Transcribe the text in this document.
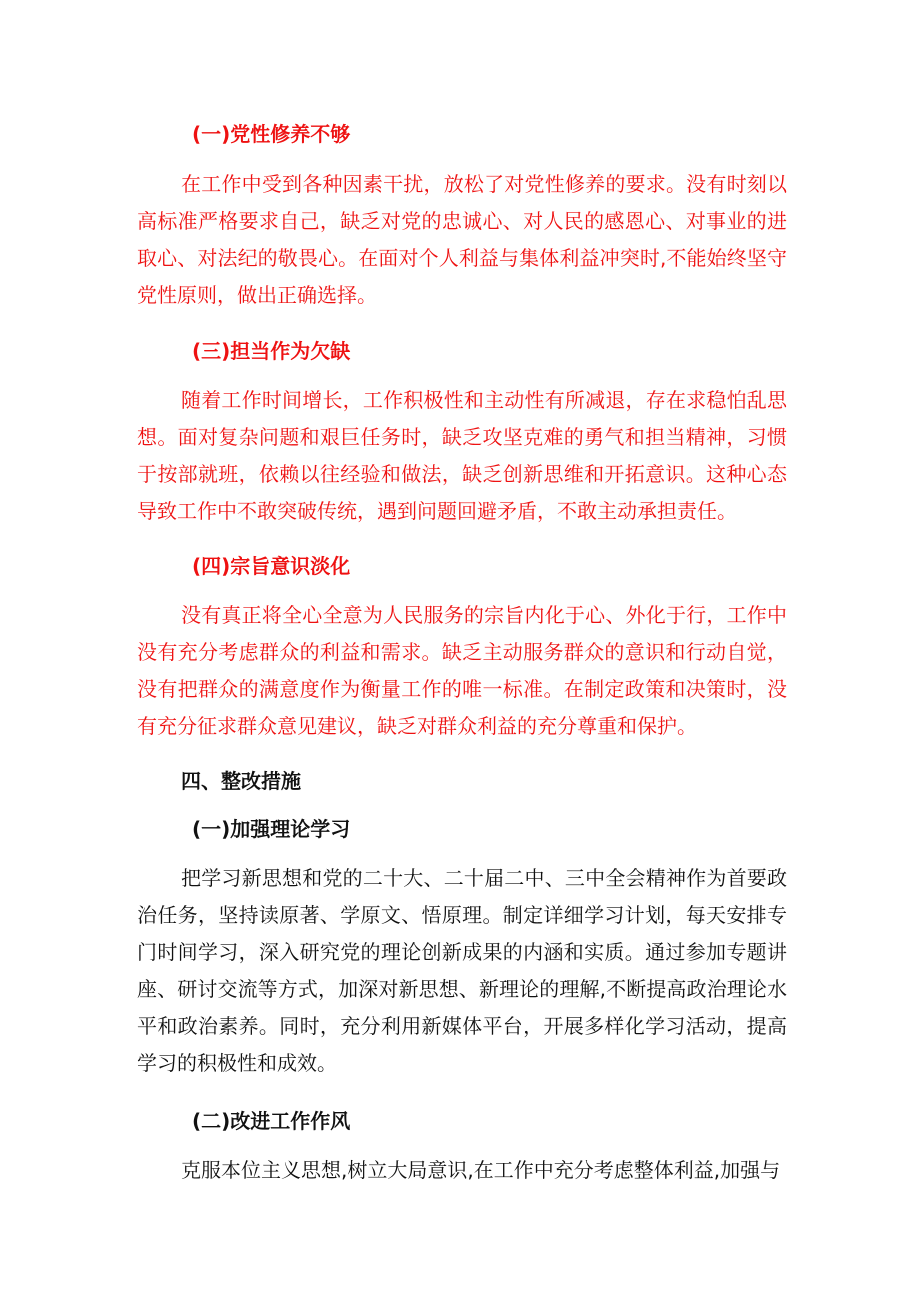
(一)党性修养不够

在工作中受到各种因素干扰，放松了对党性修养的要求。没有时刻以高标准严格要求自己，缺乏对党的忠诚心、对人民的感恩心、对事业的进取心、对法纪的敬畏心。在面对个人利益与集体利益冲突时,不能始终坚守党性原则，做出正确选择。

(三)担当作为欠缺

随着工作时间增长，工作积极性和主动性有所减退，存在求稳怕乱思想。面对复杂问题和艰巨任务时，缺乏攻坚克难的勇气和担当精神，习惯于按部就班，依赖以往经验和做法，缺乏创新思维和开拓意识。这种心态导致工作中不敢突破传统，遇到问题回避矛盾，不敢主动承担责任。

(四)宗旨意识淡化

没有真正将全心全意为人民服务的宗旨内化于心、外化于行，工作中没有充分考虑群众的利益和需求。缺乏主动服务群众的意识和行动自觉，没有把群众的满意度作为衡量工作的唯一标准。在制定政策和决策时，没有充分征求群众意见建议，缺乏对群众利益的充分尊重和保护。

四、整改措施
(一)加强理论学习

把学习新思想和党的二十大、二十届二中、三中全会精神作为首要政治任务，坚持读原著、学原文、悟原理。制定详细学习计划，每天安排专门时间学习，深入研究党的理论创新成果的内涵和实质。通过参加专题讲座、研讨交流等方式，加深对新思想、新理论的理解,不断提高政治理论水平和政治素养。同时，充分利用新媒体平台，开展多样化学习活动，提高学习的积极性和成效。

(二)改进工作作风

克服本位主义思想,树立大局意识,在工作中充分考虑整体利益,加强与
